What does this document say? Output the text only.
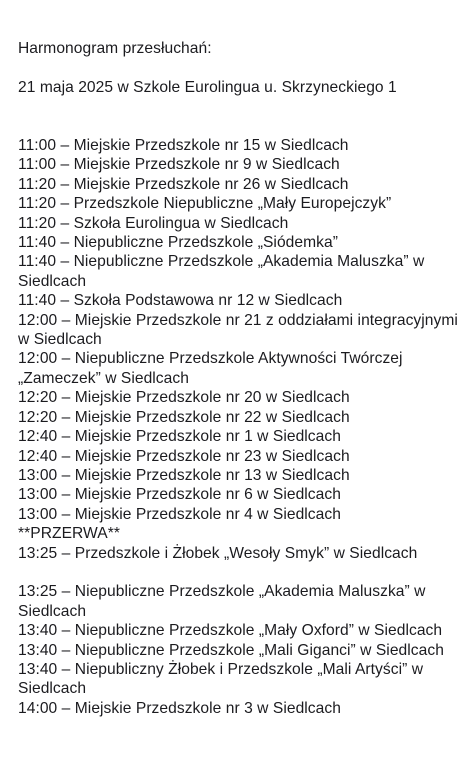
Harmonogram przesłuchań:

21 maja 2025 w Szkole Eurolingua u. Skrzyneckiego 1

11:00 – Miejskie Przedszkole nr 15 w Siedlcach
11:00 – Miejskie Przedszkole nr 9 w Siedlcach
11:20 – Miejskie Przedszkole nr 26 w Siedlcach
11:20 – Przedszkole Niepubliczne „Mały Europejczyk”
11:20 – Szkoła Eurolingua w Siedlcach
11:40 – Niepubliczne Przedszkole „Siódemka”
11:40 – Niepubliczne Przedszkole „Akademia Maluszka” w Siedlcach
11:40 – Szkoła Podstawowa nr 12 w Siedlcach
12:00 – Miejskie Przedszkole nr 21 z oddziałami integracyjnymi w Siedlcach
12:00 – Niepubliczne Przedszkole Aktywności Twórczej „Zameczek” w Siedlcach
12:20 – Miejskie Przedszkole nr 20 w Siedlcach
12:20 – Miejskie Przedszkole nr 22 w Siedlcach
12:40 – Miejskie Przedszkole nr 1 w Siedlcach
12:40 – Miejskie Przedszkole nr 23 w Siedlcach
13:00 – Miejskie Przedszkole nr 13 w Siedlcach
13:00 – Miejskie Przedszkole nr 6 w Siedlcach
13:00 – Miejskie Przedszkole nr 4 w Siedlcach
**PRZERWA**
13:25 – Przedszkole i Żłobek „Wesoły Smyk” w Siedlcach
13:25 – Niepubliczne Przedszkole „Akademia Maluszka” w Siedlcach
13:40 – Niepubliczne Przedszkole „Mały Oxford” w Siedlcach
13:40 – Niepubliczne Przedszkole „Mali Giganci” w Siedlcach
13:40 – Niepubliczny Żłobek i Przedszkole „Mali Artyści” w Siedlcach
14:00 – Miejskie Przedszkole nr 3 w Siedlcach
